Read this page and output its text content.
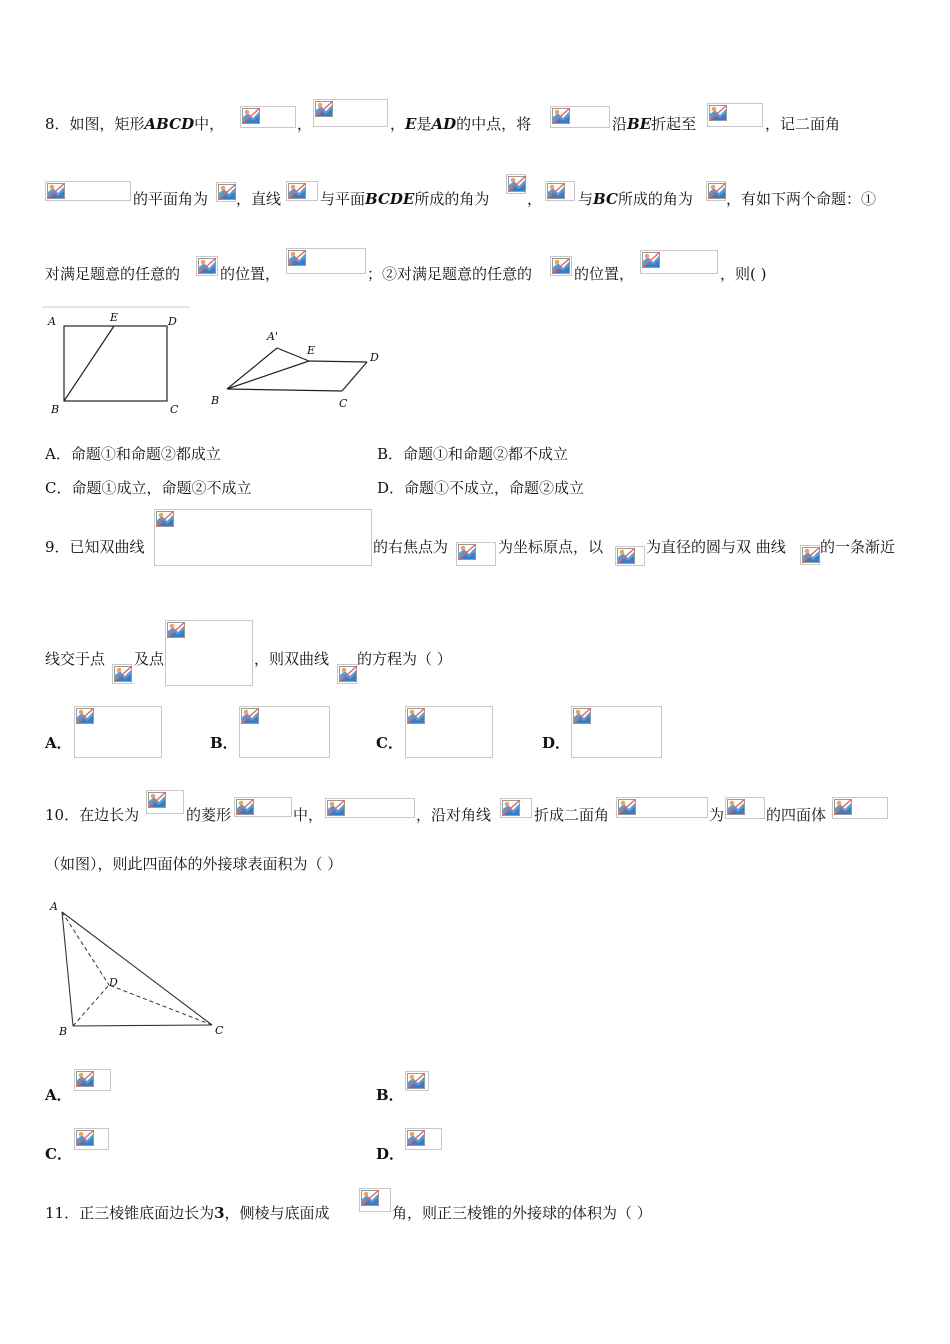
8．如图，矩形ABCD中，	，	，E是AD的中点，将	沿BE折起至	，记二面角
的平面角为 ，直线	与平面BCDE所成的角为	， 与BC所成的角为 ，有如下两个命题：①
对满足题意的任意的	的位置，	；②对满足题意的任意的	的位置，	，则( )
A	E	D
B	C
A'
E
D
B	C
A．命题①和命题②都成立	B．命题①和命题②都不成立
C．命题①成立，命题②不成立	D．命题①不成立，命题②成立
9．已知双曲线	的右焦点为	为坐标原点，以	为直径的圆与双 曲线 的一条渐近
线交于点 及点	，则双曲线 的方程为（ ）
A．	B．	C．	D．
10．在边长为	的菱形	中，	，沿对角线	折成二面角	为	的四面体
（如图），则此四面体的外接球表面积为（ ）
A
D
B	C
A．	B．
C．	D．
11．正三棱锥底面边长为3，侧棱与底面成	角，则正三棱锥的外接球的体积为（ ）
